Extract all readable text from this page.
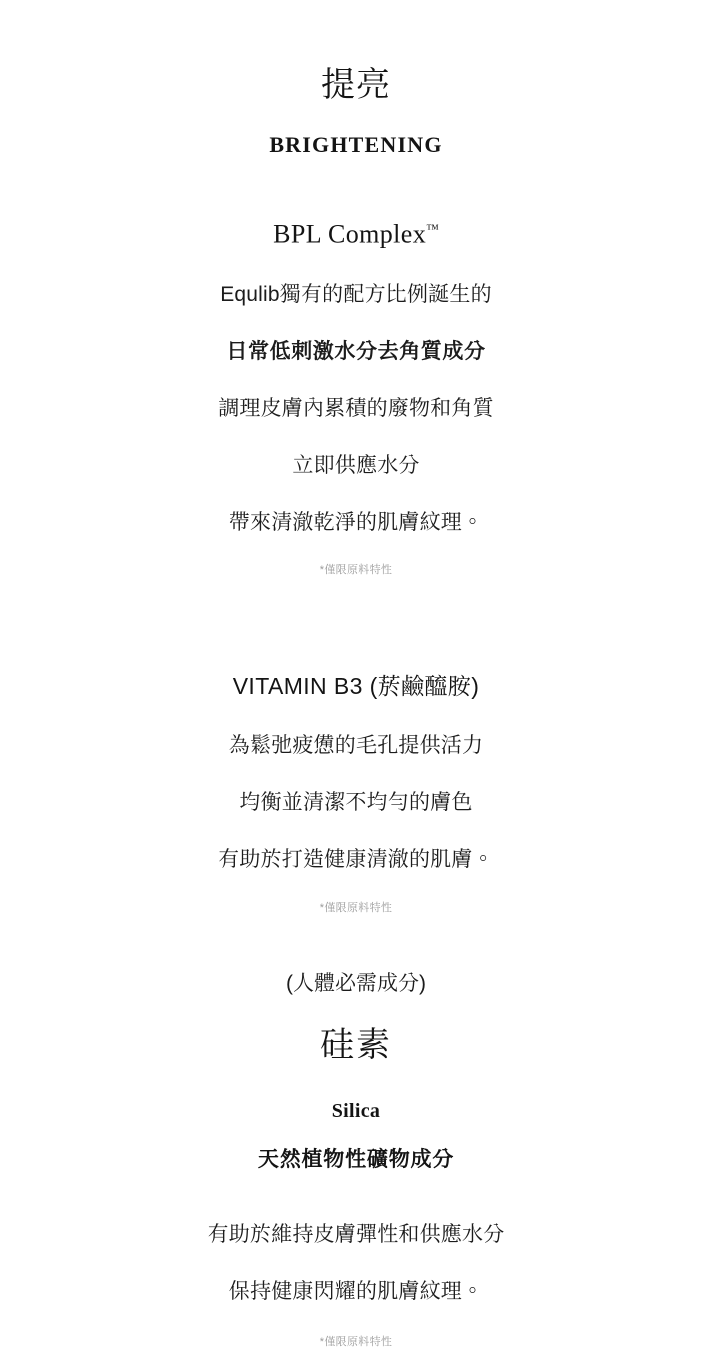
提亮
BRIGHTENING
BPL Complex™

Equlib獨有的配方比例誕生的

日常低刺激水分去角質成分

調理皮膚內累積的廢物和角質

立即供應水分

帶來清澈乾淨的肌膚紋理。

*僅限原料特性

VITAMIN B3 (菸鹼醯胺)

為鬆弛疲憊的毛孔提供活力

均衡並清潔不均勻的膚色

有助於打造健康清澈的肌膚。

*僅限原料特性

(人體必需成分)

硅素
Silica

天然植物性礦物成分

有助於維持皮膚彈性和供應水分

保持健康閃耀的肌膚紋理。

*僅限原料特性
